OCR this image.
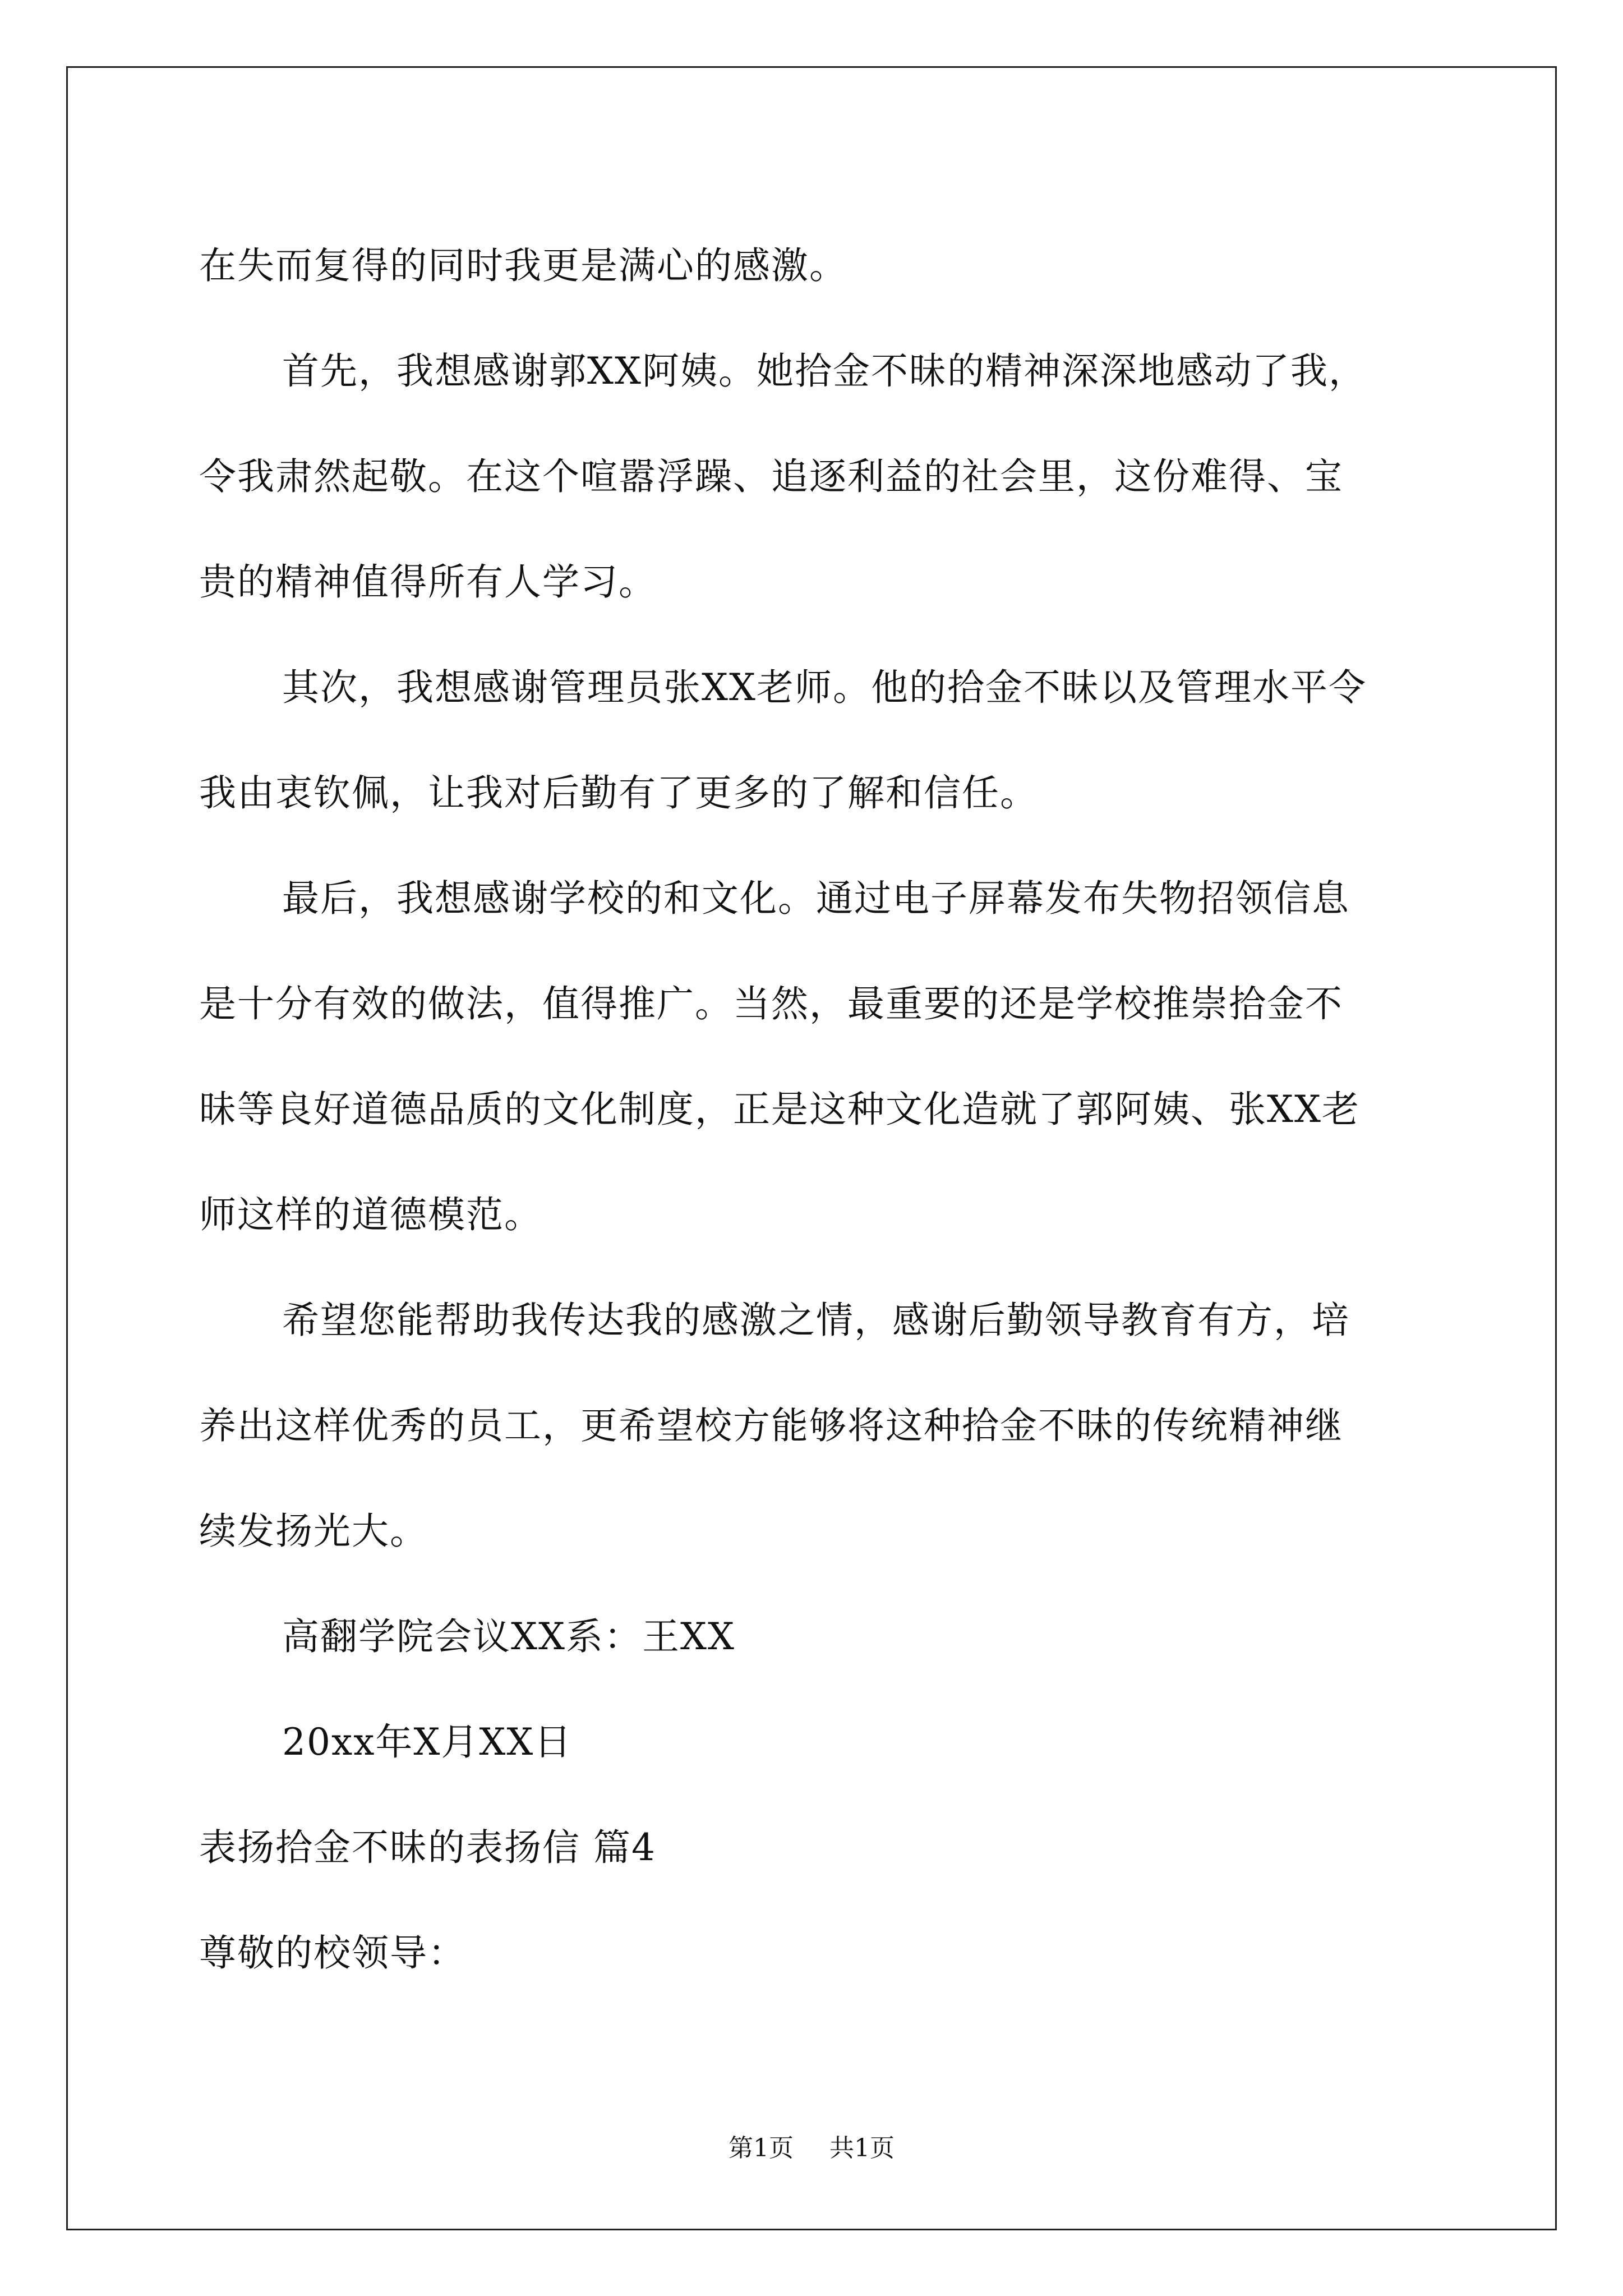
在失而复得的同时我更是满心的感激。
首先，我想感谢郭XX阿姨。她拾金不昧的精神深深地感动了我，
令我肃然起敬。在这个喧嚣浮躁、追逐利益的社会里，这份难得、宝
贵的精神值得所有人学习。
其次，我想感谢管理员张XX老师。他的拾金不昧以及管理水平令
我由衷钦佩，让我对后勤有了更多的了解和信任。
最后，我想感谢学校的和文化。通过电子屏幕发布失物招领信息
是十分有效的做法，值得推广。当然，最重要的还是学校推崇拾金不
昧等良好道德品质的文化制度，正是这种文化造就了郭阿姨、张XX老
师这样的道德模范。
希望您能帮助我传达我的感激之情，感谢后勤领导教育有方，培
养出这样优秀的员工，更希望校方能够将这种拾金不昧的传统精神继
续发扬光大。
高翻学院会议XX系：王XX
20xx年X月XX日
表扬拾金不昧的表扬信 篇4
尊敬的校领导：
第1页 共1页
